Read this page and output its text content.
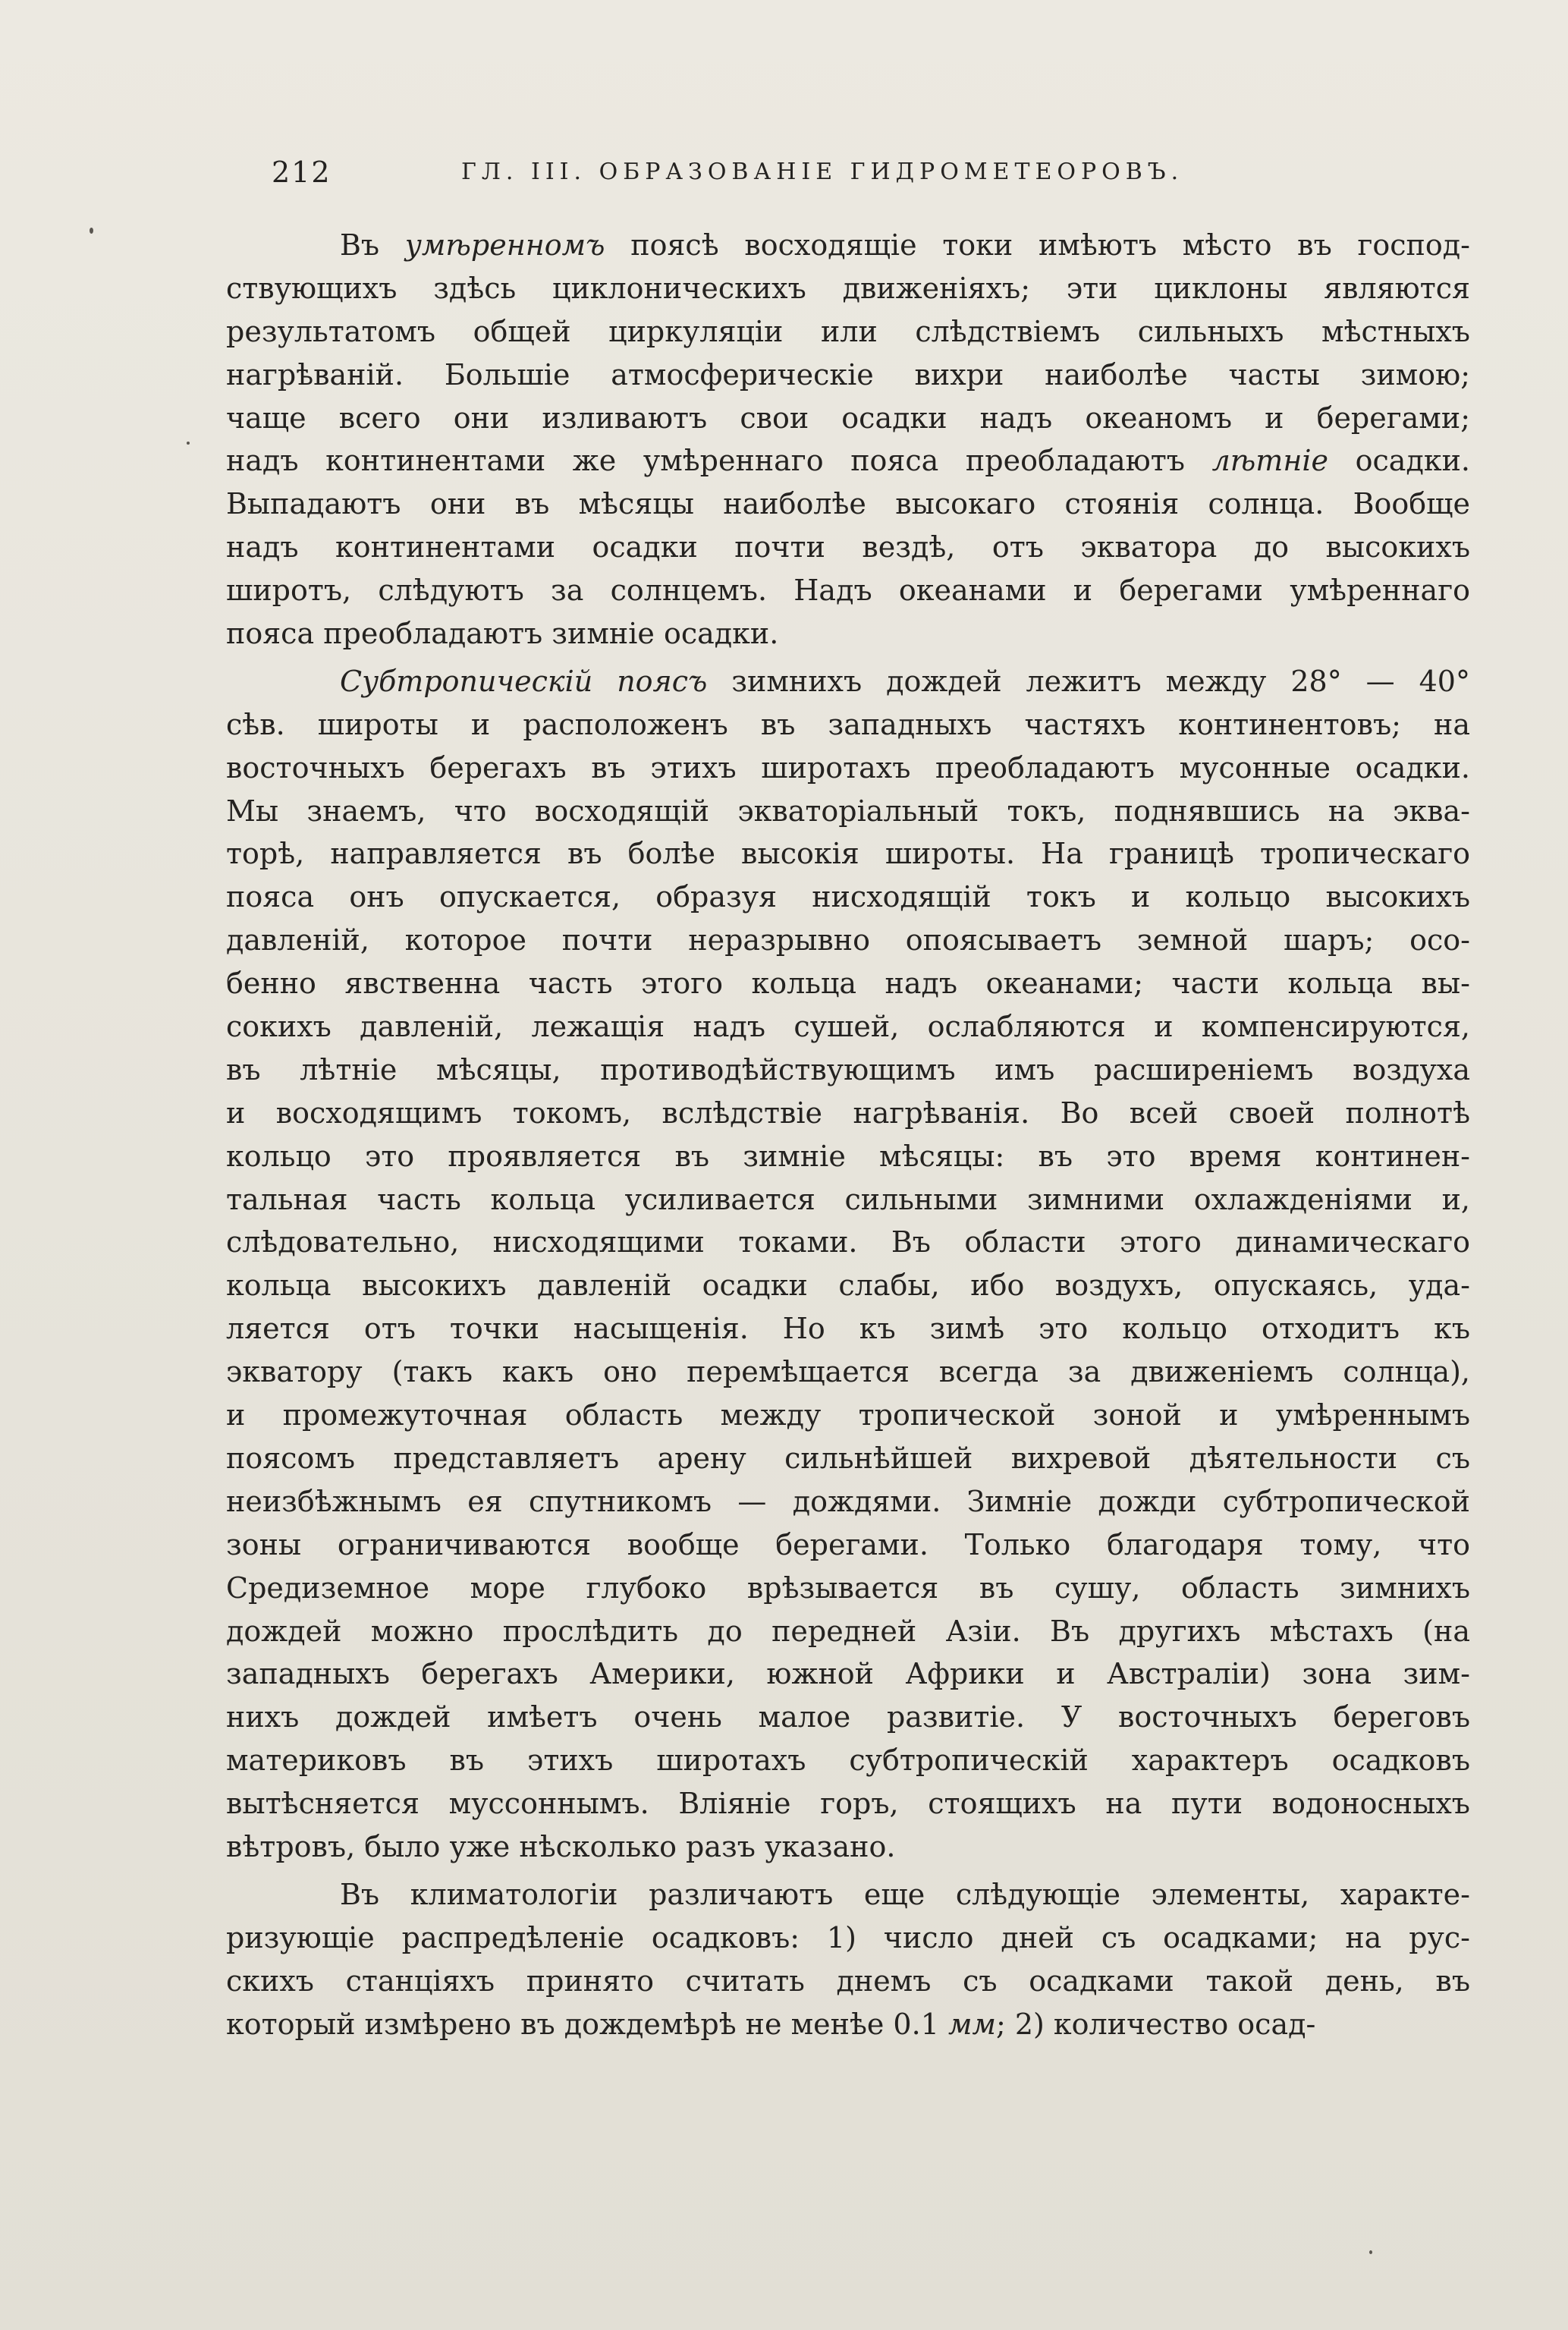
212	ГЛ. III. ОБРАЗОВАНІЕ ГИДРОМЕТЕОРОВЪ.
Въ умѣренномъ поясѣ восходящіе токи имѣютъ мѣсто въ господ-
ствующихъ здѣсь циклоническихъ движеніяхъ; эти циклоны являются
результатомъ общей циркуляціи или слѣдствіемъ сильныхъ мѣстныхъ
нагрѣваній. Большіе атмосферическіе вихри наиболѣе часты зимою;
чаще всего они изливаютъ свои осадки надъ океаномъ и берегами;
надъ континентами же умѣреннаго пояса преобладаютъ лѣтніе осадки.
Выпадаютъ они въ мѣсяцы наиболѣе высокаго стоянія солнца. Вообще
надъ континентами осадки почти вездѣ, отъ экватора до высокихъ
широтъ, слѣдуютъ за солнцемъ. Надъ океанами и берегами умѣреннаго
пояса преобладаютъ зимніе осадки.
Субтропическій поясъ зимнихъ дождей лежитъ между 28° — 40°
сѣв. широты и расположенъ въ западныхъ частяхъ континентовъ; на
восточныхъ берегахъ въ этихъ широтахъ преобладаютъ мусонные осадки.
Мы знаемъ, что восходящій экваторіальный токъ, поднявшись на эква-
торѣ, направляется въ болѣе высокія широты. На границѣ тропическаго
пояса онъ опускается, образуя нисходящій токъ и кольцо высокихъ
давленій, которое почти неразрывно опоясываетъ земной шаръ; осо-
бенно явственна часть этого кольца надъ океанами; части кольца вы-
сокихъ давленій, лежащія надъ сушей, ослабляются и компенсируются,
въ лѣтніе мѣсяцы, противодѣйствующимъ имъ расширеніемъ воздуха
и восходящимъ токомъ, вслѣдствіе нагрѣванія. Во всей своей полнотѣ
кольцо это проявляется въ зимніе мѣсяцы: въ это время континен-
тальная часть кольца усиливается сильными зимними охлажденіями и,
слѣдовательно, нисходящими токами. Въ области этого динамическаго
кольца высокихъ давленій осадки слабы, ибо воздухъ, опускаясь, уда-
ляется отъ точки насыщенія. Но къ зимѣ это кольцо отходитъ къ
экватору (такъ какъ оно перемѣщается всегда за движеніемъ солнца),
и промежуточная область между тропической зоной и умѣреннымъ
поясомъ представляетъ арену сильнѣйшей вихревой дѣятельности съ
неизбѣжнымъ ея спутникомъ — дождями. Зимніе дожди субтропической
зоны ограничиваются вообще берегами. Только благодаря тому, что
Средиземное море глубоко врѣзывается въ сушу, область зимнихъ
дождей можно прослѣдить до передней Азіи. Въ другихъ мѣстахъ (на
западныхъ берегахъ Америки, южной Африки и Австраліи) зона зим-
нихъ дождей имѣетъ очень малое развитіе. У восточныхъ береговъ
материковъ въ этихъ широтахъ субтропическій характеръ осадковъ
вытѣсняется муссоннымъ. Вліяніе горъ, стоящихъ на пути водоносныхъ
вѣтровъ, было уже нѣсколько разъ указано.
Въ климатологіи различаютъ еще слѣдующіе элементы, характе-
ризующіе распредѣленіе осадковъ: 1) число дней съ осадками; на рус-
скихъ станціяхъ принято считать днемъ съ осадками такой день, въ
который измѣрено въ дождемѣрѣ не менѣе 0.1 мм; 2) количество осад-
